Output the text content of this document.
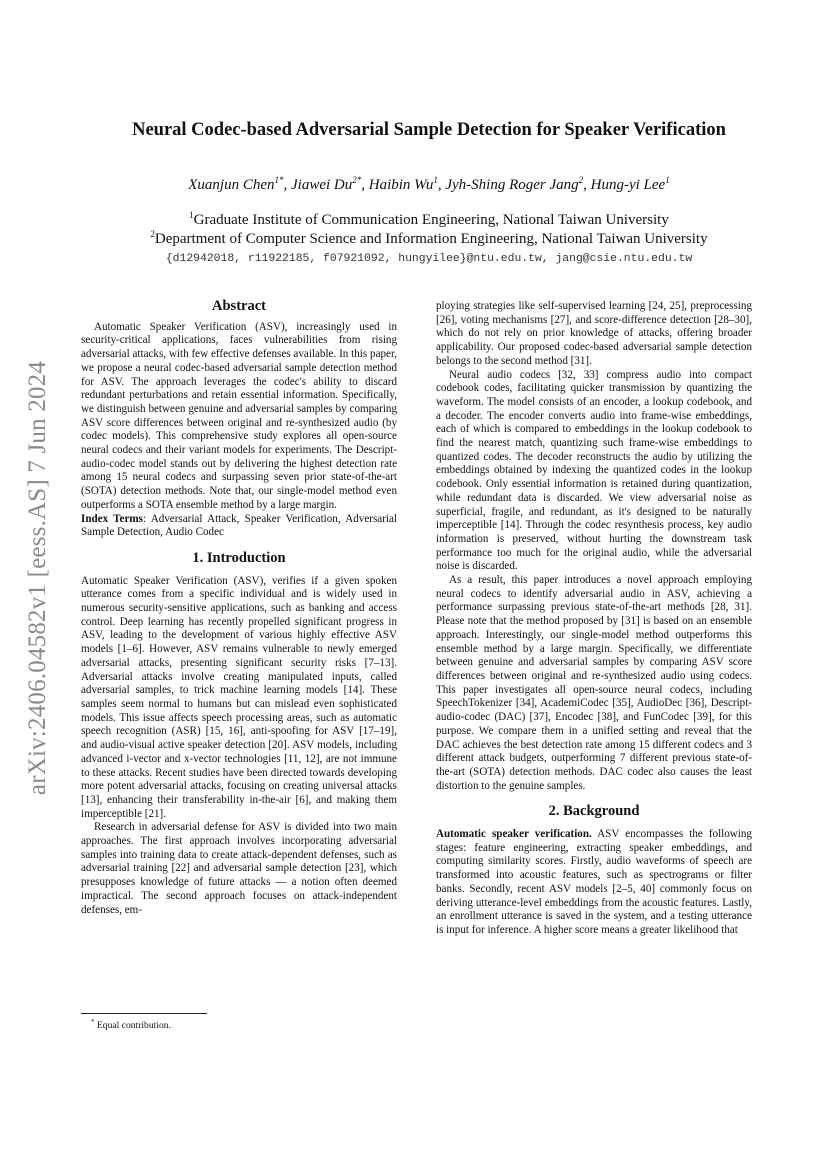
arXiv:2406.04582v1 [eess.AS] 7 Jun 2024
Neural Codec-based Adversarial Sample Detection for Speaker Verification
Xuanjun Chen$^{1*}$, Jiawei $Du^{2*}$, Haibin Wu$^1$, Jyh-Shing Roger Jang$^2$, Hung-yi Lee$^1$
$^1$Graduate Institute of Communication Engineering, National Taiwan University
$^2$Department of Computer Science and Information Engineering, National Taiwan University
{d12942018, r11922185, f07921092, hungyilee}@ntu.edu.tw, jang@csie.ntu.edu.tw
Abstract

Automatic Speaker Verification (ASV), increasingly used in security-critical applications, faces vulnerabilities from rising adversarial attacks, with few effective defenses available. In this paper, we propose a neural codec-based adversarial sample detection method for ASV. The approach leverages the codec's ability to discard redundant perturbations and retain essential information. Specifically, we distinguish between genuine and adversarial samples by comparing ASV score differences between original and re-synthesized audio (by codec models). This comprehensive study explores all open-source neural codecs and their variant models for experiments. The Descript-audio-codec model stands out by delivering the highest detection rate among 15 neural codecs and surpassing seven prior state-of-the-art (SOTA) detection methods. Note that, our single-model method even outperforms a SOTA ensemble method by a large margin.

Index Terms: Adversarial Attack, Speaker Verification, Adversarial Sample Detection, Audio Codec

1. Introduction

Automatic Speaker Verification (ASV), verifies if a given spoken utterance comes from a specific individual and is widely used in numerous security-sensitive applications, such as banking and access control. Deep learning has recently propelled significant progress in ASV, leading to the development of various highly effective ASV models [1–6]. However, ASV remains vulnerable to newly emerged adversarial attacks, presenting significant security risks [7–13]. Adversarial attacks involve creating manipulated inputs, called adversarial samples, to trick machine learning models [14]. These samples seem normal to humans but can mislead even sophisticated models. This issue affects speech processing areas, such as automatic speech recognition (ASR) [15, 16], anti-spoofing for ASV [17–19], and audio-visual active speaker detection [20]. ASV models, including advanced i-vector and x-vector technologies [11, 12], are not immune to these attacks. Recent studies have been directed towards developing more potent adversarial attacks, focusing on creating universal attacks [13], enhancing their transferability in-the-air [6], and making them imperceptible [21].

Research in adversarial defense for ASV is divided into two main approaches. The first approach involves incorporating adversarial samples into training data to create attack-dependent defenses, such as adversarial training [22] and adversarial sample detection [23], which presupposes knowledge of future attacks — a notion often deemed impractical. The second approach focuses on attack-independent defenses, em-

ploying strategies like self-supervised learning [24, 25], preprocessing [26], voting mechanisms [27], and score-difference detection [28–30], which do not rely on prior knowledge of attacks, offering broader applicability. Our proposed codec-based adversarial sample detection belongs to the second method [31].

Neural audio codecs [32, 33] compress audio into compact codebook codes, facilitating quicker transmission by quantizing the waveform. The model consists of an encoder, a lookup codebook, and a decoder. The encoder converts audio into frame-wise embeddings, each of which is compared to embeddings in the lookup codebook to find the nearest match, quantizing such frame-wise embeddings to quantized codes. The decoder reconstructs the audio by utilizing the embeddings obtained by indexing the quantized codes in the lookup codebook. Only essential information is retained during quantization, while redundant data is discarded. We view adversarial noise as superficial, fragile, and redundant, as it's designed to be naturally imperceptible [14]. Through the codec resynthesis process, key audio information is preserved, without hurting the downstream task performance too much for the original audio, while the adversarial noise is discarded.

As a result, this paper introduces a novel approach employing neural codecs to identify adversarial audio in ASV, achieving a performance surpassing previous state-of-the-art methods [28, 31]. Please note that the method proposed by [31] is based on an ensemble approach. Interestingly, our single-model method outperforms this ensemble method by a large margin. Specifically, we differentiate between genuine and adversarial samples by comparing ASV score differences between original and re-synthesized audio using codecs. This paper investigates all open-source neural codecs, including SpeechTokenizer [34], AcademiCodec [35], AudioDec [36], Descript-audio-codec (DAC) [37], Encodec [38], and FunCodec [39], for this purpose. We compare them in a unified setting and reveal that the DAC achieves the best detection rate among 15 different codecs and 3 different attack budgets, outperforming 7 different previous state-of-the-art (SOTA) detection methods. DAC codec also causes the least distortion to the genuine samples.

2. Background

Automatic speaker verification. ASV encompasses the following stages: feature engineering, extracting speaker embeddings, and computing similarity scores. Firstly, audio waveforms of speech are transformed into acoustic features, such as spectrograms or filter banks. Secondly, recent ASV models [2–5, 40] commonly focus on deriving utterance-level embeddings from the acoustic features. Lastly, an enrollment utterance is saved in the system, and a testing utterance is input for inference. A higher score means a greater likelihood that

* Equal contribution.
